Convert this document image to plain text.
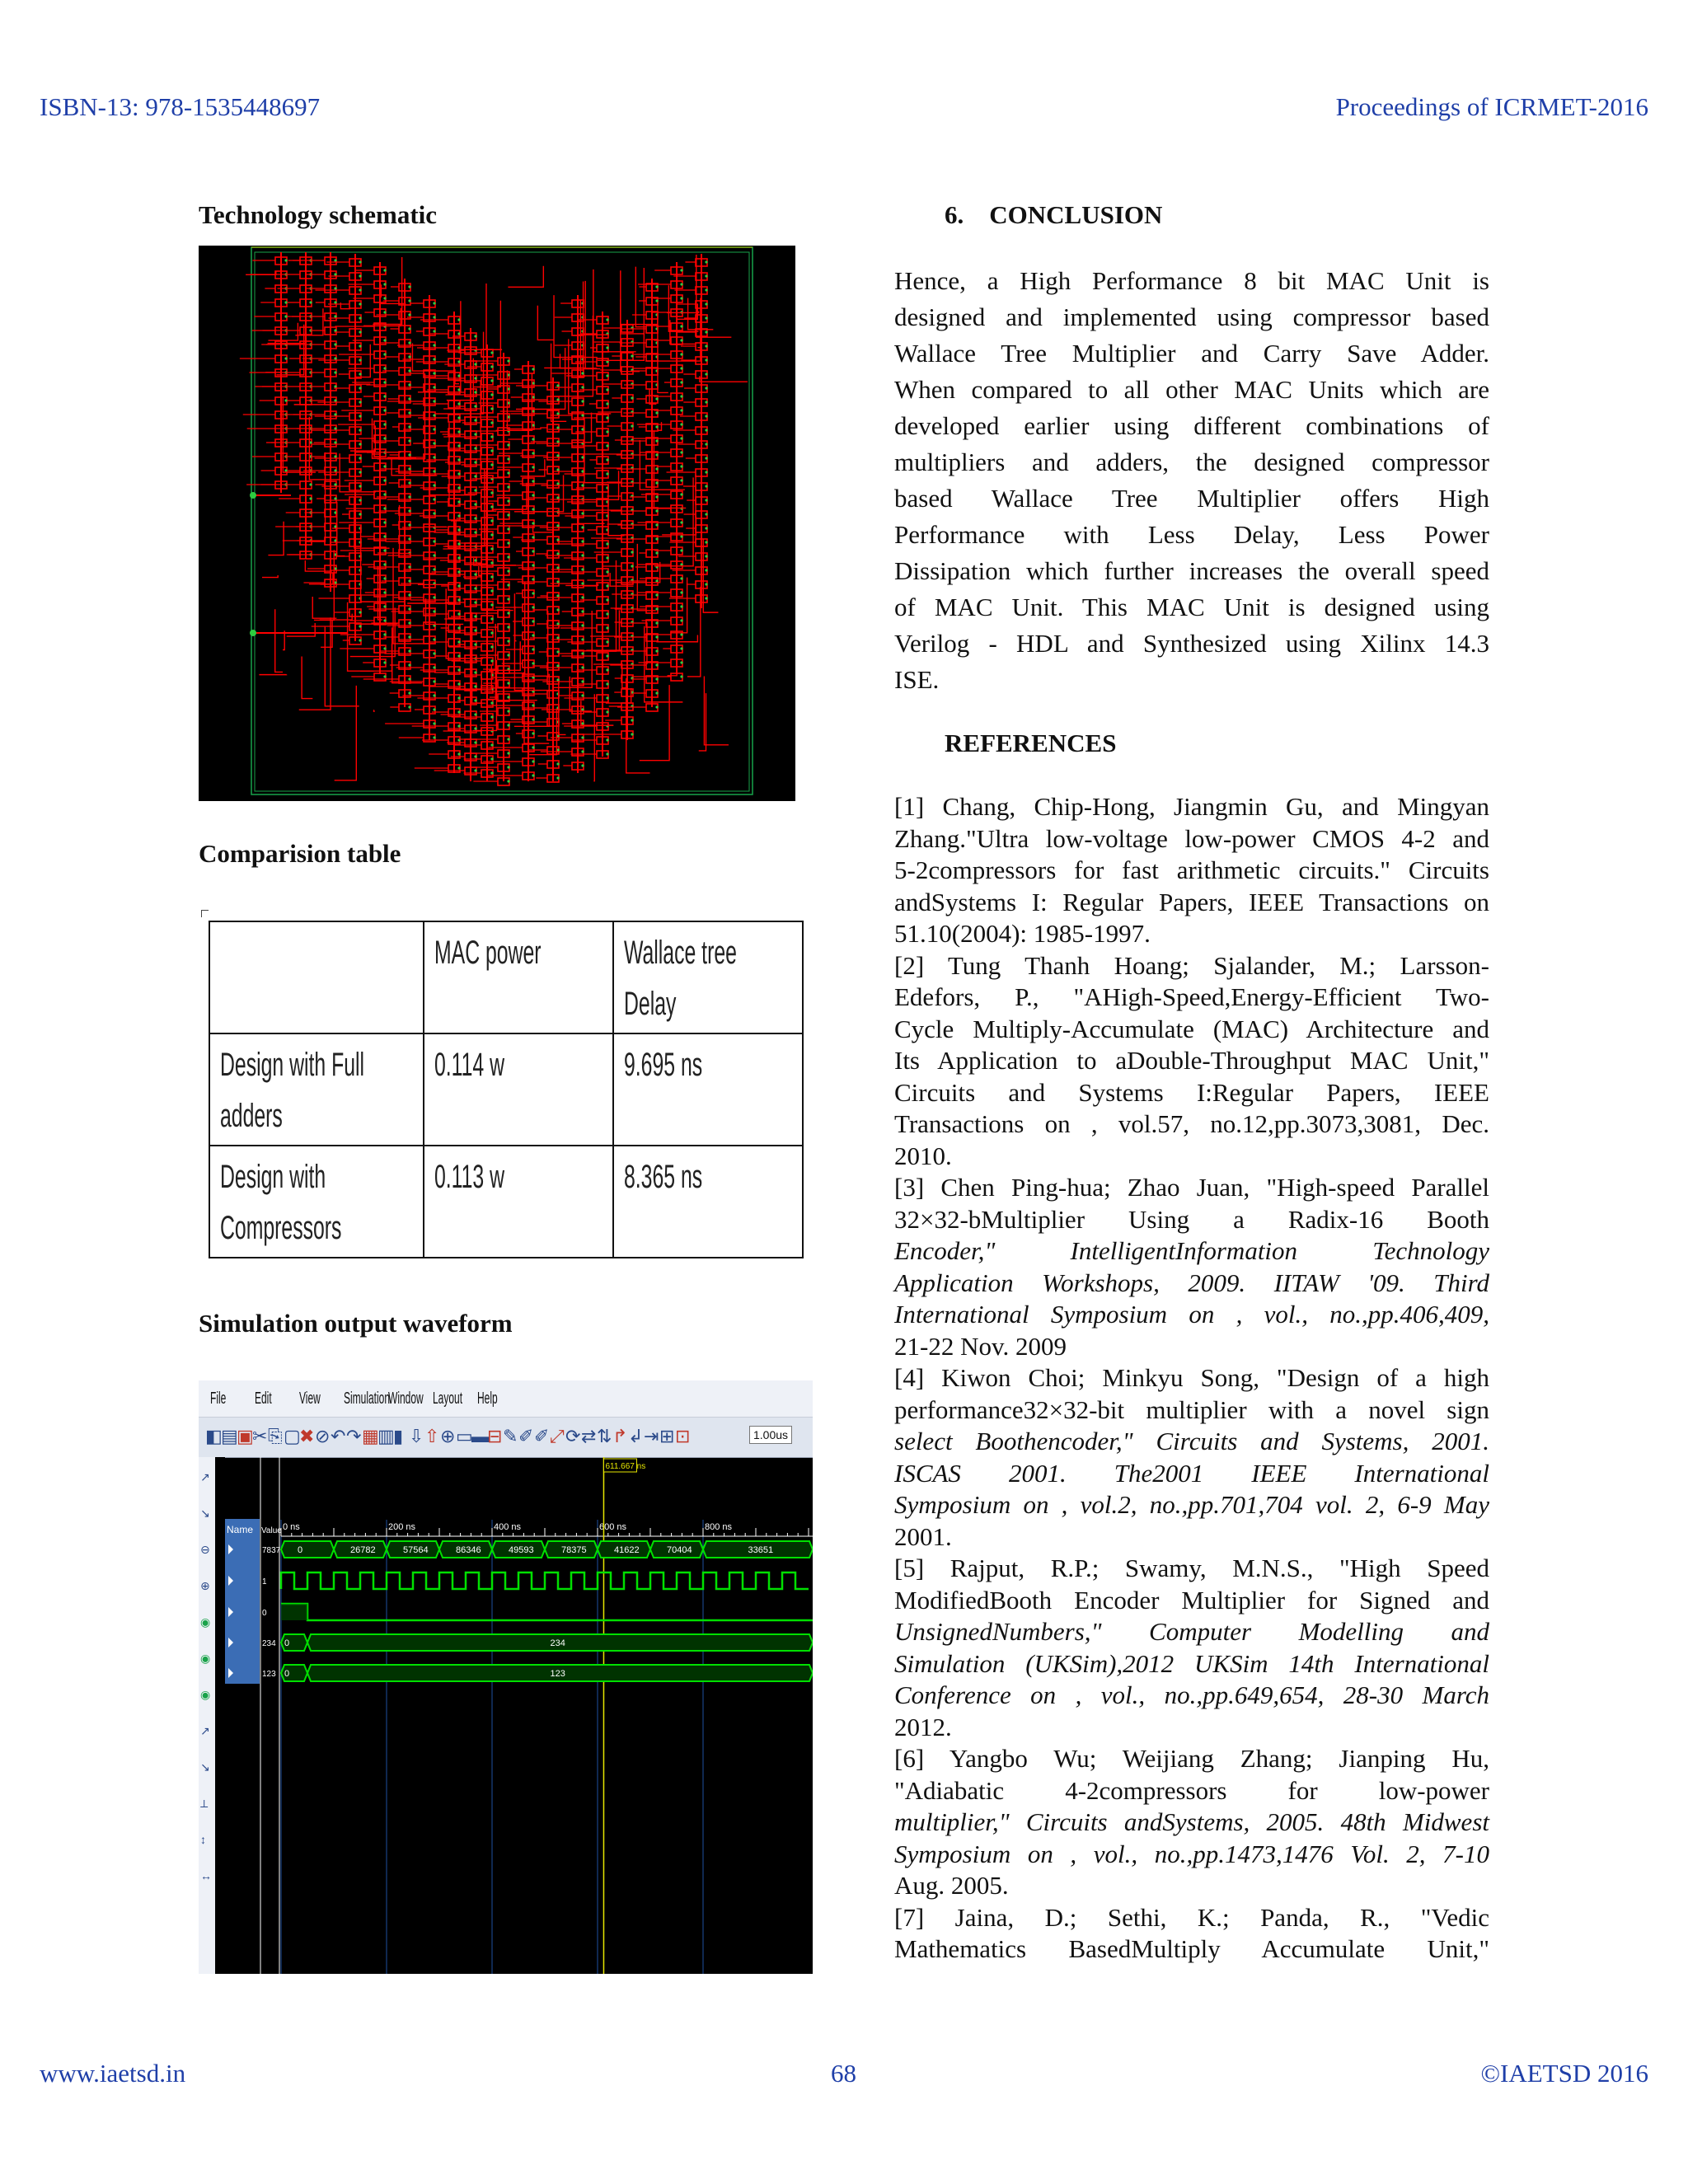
ISBN-13: 978-1535448697	Proceedings of ICRMET-2016
Technology schematic
Comparision table
Simulation output waveform
	MAC power	Wallace tree Delay
Design with Full adders	0.114 w	9.695 ns
Design with Compressors	0.113 w	8.365 ns
File Edit View SimulationWindow Layout Help
◧
▤
▣
✂ ⎘ ▢
✖ ⊘ ↶ ↷ ▦
▥
▮ ⇩ ⇧ ⊕ ▭
▬
⊟ ✎ ✐ ✐ ⤢ ⟳ ⇄ ⇅ ↱ ↲ ⇥ ⊞ ⊡	1.00us
↗
↘
⊖
⊕
◉
◉
◉
↗
↘
⟂
↕
↔
Name Value 0 ns	200 ns	400 ns	600 ns	800 ns
611.667 ns
7837
1
0
234
123
0	26782	57564	86346	49593	78375	41622	70404	33651
0	234
0	123
6.    CONCLUSION
Hence, a High Performance 8 bit MAC Unit is
designed and implemented using compressor based
Wallace Tree Multiplier and Carry Save Adder.
When compared to all other MAC Units which are
developed earlier using different combinations of
multipliers and adders, the designed compressor
based Wallace Tree Multiplier offers High
Performance with Less Delay, Less Power
Dissipation which further increases the overall speed
of MAC Unit. This MAC Unit is designed using
Verilog - HDL and Synthesized using Xilinx 14.3
ISE.
REFERENCES

[1] Chang, Chip-Hong, Jiangmin Gu, and Mingyan

Zhang."Ultra low-voltage low-power CMOS 4-2 and

5-2compressors for fast arithmetic circuits." Circuits

andSystems I: Regular Papers, IEEE Transactions on

51.10(2004): 1985-1997.

[2] Tung Thanh Hoang; Sjalander, M.; Larsson-

Edefors, P., "AHigh-Speed,Energy-Efficient Two-

Cycle Multiply-Accumulate (MAC) Architecture and

Its Application to aDouble-Throughput MAC Unit,"

Circuits and Systems I:Regular Papers, IEEE

Transactions on , vol.57, no.12,pp.3073,3081, Dec.

2010.

[3] Chen Ping-hua; Zhao Juan, "High-speed Parallel

32×32-bMultiplier Using a Radix-16 Booth

Encoder," IntelligentInformation Technology

Application Workshops, 2009. IITAW '09. Third

International Symposium on , vol., no.,pp.406,409,

21-22 Nov. 2009

[4] Kiwon Choi; Minkyu Song, "Design of a high

performance32×32-bit multiplier with a novel sign

select Boothencoder," Circuits and Systems, 2001.

ISCAS 2001. The2001 IEEE International

Symposium on , vol.2, no.,pp.701,704 vol. 2, 6-9 May

2001.

[5] Rajput, R.P.; Swamy, M.N.S., "High Speed

ModifiedBooth Encoder Multiplier for Signed and

UnsignedNumbers," Computer Modelling and

Simulation (UKSim),2012 UKSim 14th International

Conference on , vol., no.,pp.649,654, 28-30 March

2012.

[6] Yangbo Wu; Weijiang Zhang; Jianping Hu,

"Adiabatic 4-2compressors for low-power

multiplier," Circuits andSystems, 2005. 48th Midwest

Symposium on , vol., no.,pp.1473,1476 Vol. 2, 7-10

Aug. 2005.

[7] Jaina, D.; Sethi, K.; Panda, R., "Vedic

Mathematics BasedMultiply Accumulate Unit,"

www.iaetsd.in	68	©IAETSD 2016
